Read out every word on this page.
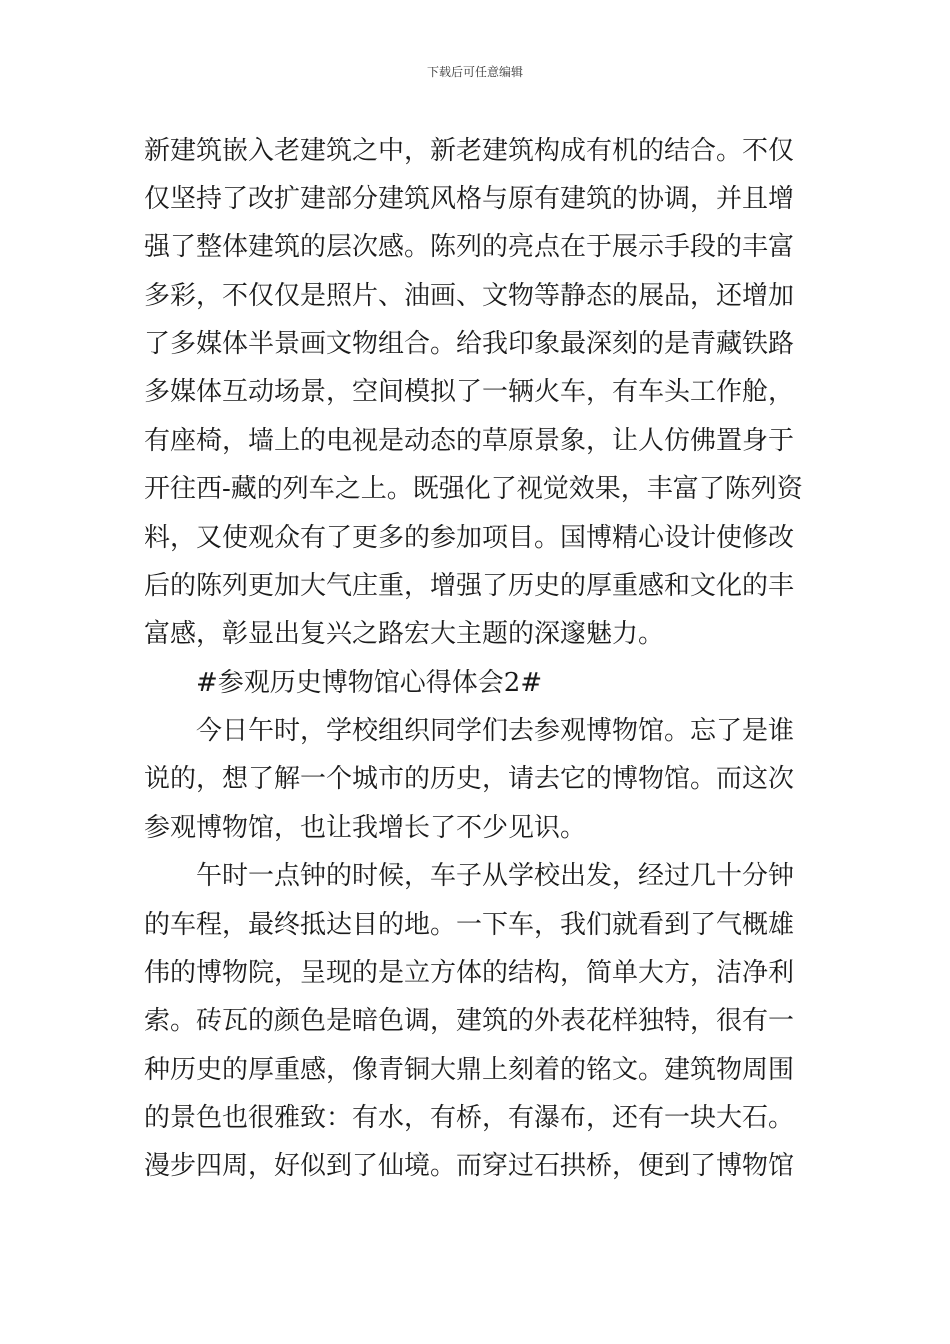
下载后可任意编辑
新建筑嵌入老建筑之中，新老建筑构成有机的结合。不仅
仅坚持了改扩建部分建筑风格与原有建筑的协调，并且增
强了整体建筑的层次感。陈列的亮点在于展示手段的丰富
多彩，不仅仅是照片、油画、文物等静态的展品，还增加
了多媒体半景画文物组合。给我印象最深刻的是青藏铁路
多媒体互动场景，空间模拟了一辆火车，有车头工作舱，
有座椅，墙上的电视是动态的草原景象，让人仿佛置身于
开往西-藏的列车之上。既强化了视觉效果，丰富了陈列资
料，又使观众有了更多的参加项目。国博精心设计使修改
后的陈列更加大气庄重，增强了历史的厚重感和文化的丰
富感，彰显出复兴之路宏大主题的深邃魅力。
#参观历史博物馆心得体会2#
今日午时，学校组织同学们去参观博物馆。忘了是谁
说的，想了解一个城市的历史，请去它的博物馆。而这次
参观博物馆，也让我增长了不少见识。
午时一点钟的时候，车子从学校出发，经过几十分钟
的车程，最终抵达目的地。一下车，我们就看到了气概雄
伟的博物院，呈现的是立方体的结构，简单大方，洁净利
索。砖瓦的颜色是暗色调，建筑的外表花样独特，很有一
种历史的厚重感，像青铜大鼎上刻着的铭文。建筑物周围
的景色也很雅致：有水，有桥，有瀑布，还有一块大石。
漫步四周，好似到了仙境。而穿过石拱桥，便到了博物馆
